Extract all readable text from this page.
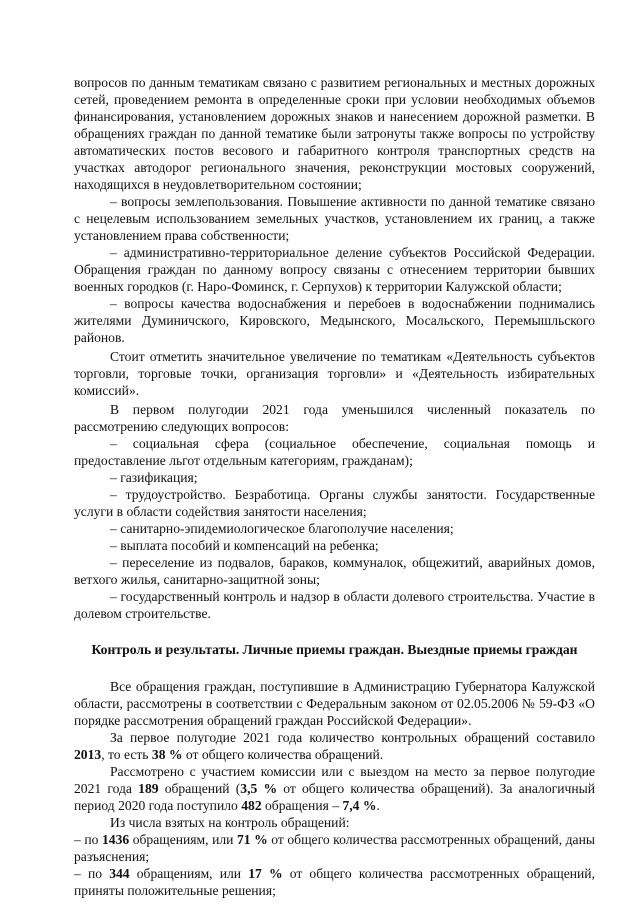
вопросов по данным тематикам связано с развитием региональных и местных дорожных сетей, проведением ремонта в определенные сроки при условии необходимых объемов финансирования, установлением дорожных знаков и нанесением дорожной разметки. В обращениях граждан по данной тематике были затронуты также вопросы по устройству автоматических постов весового и габаритного контроля транспортных средств на участках автодорог регионального значения, реконструкции мостовых сооружений, находящихся в неудовлетворительном состоянии;

– вопросы землепользования. Повышение активности по данной тематике связано с нецелевым использованием земельных участков, установлением их границ, а также установлением права собственности;

– административно-территориальное деление субъектов Российской Федерации. Обращения граждан по данному вопросу связаны с отнесением территории бывших военных городков (г. Наро-Фоминск, г. Серпухов) к территории Калужской области;

– вопросы качества водоснабжения и перебоев в водоснабжении поднимались жителями Думиничского, Кировского, Медынского, Мосальского, Перемышльского районов.

Стоит отметить значительное увеличение по тематикам «Деятельность субъектов торговли, торговые точки, организация торговли» и «Деятельность избирательных комиссий».

В первом полугодии 2021 года уменьшился численный показатель по рассмотрению следующих вопросов:

– социальная сфера (социальное обеспечение, социальная помощь и предоставление льгот отдельным категориям, гражданам);

– газификация;

– трудоустройство. Безработица. Органы службы занятости. Государственные услуги в области содействия занятости населения;

– санитарно-эпидемиологическое благополучие населения;

– выплата пособий и компенсаций на ребенка;

– переселение из подвалов, бараков, коммуналок, общежитий, аварийных домов, ветхого жилья, санитарно-защитной зоны;

– государственный контроль и надзор в области долевого строительства. Участие в долевом строительстве.

Контроль и результаты. Личные приемы граждан. Выездные приемы граждан

Все обращения граждан, поступившие в Администрацию Губернатора Калужской области, рассмотрены в соответствии с Федеральным законом от 02.05.2006 № 59-ФЗ «О порядке рассмотрения обращений граждан Российской Федерации».

За первое полугодие 2021 года количество контрольных обращений составило 2013, то есть 38 % от общего количества обращений.

Рассмотрено с участием комиссии или с выездом на место за первое полугодие 2021 года 189 обращений (3,5 % от общего количества обращений). За аналогичный период 2020 года поступило 482 обращения – 7,4 %.

Из числа взятых на контроль обращений:

– по 1436 обращениям, или 71 % от общего количества рассмотренных обращений, даны разъяснения;

– по 344 обращениям, или 17 % от общего количества рассмотренных обращений, приняты положительные решения;
